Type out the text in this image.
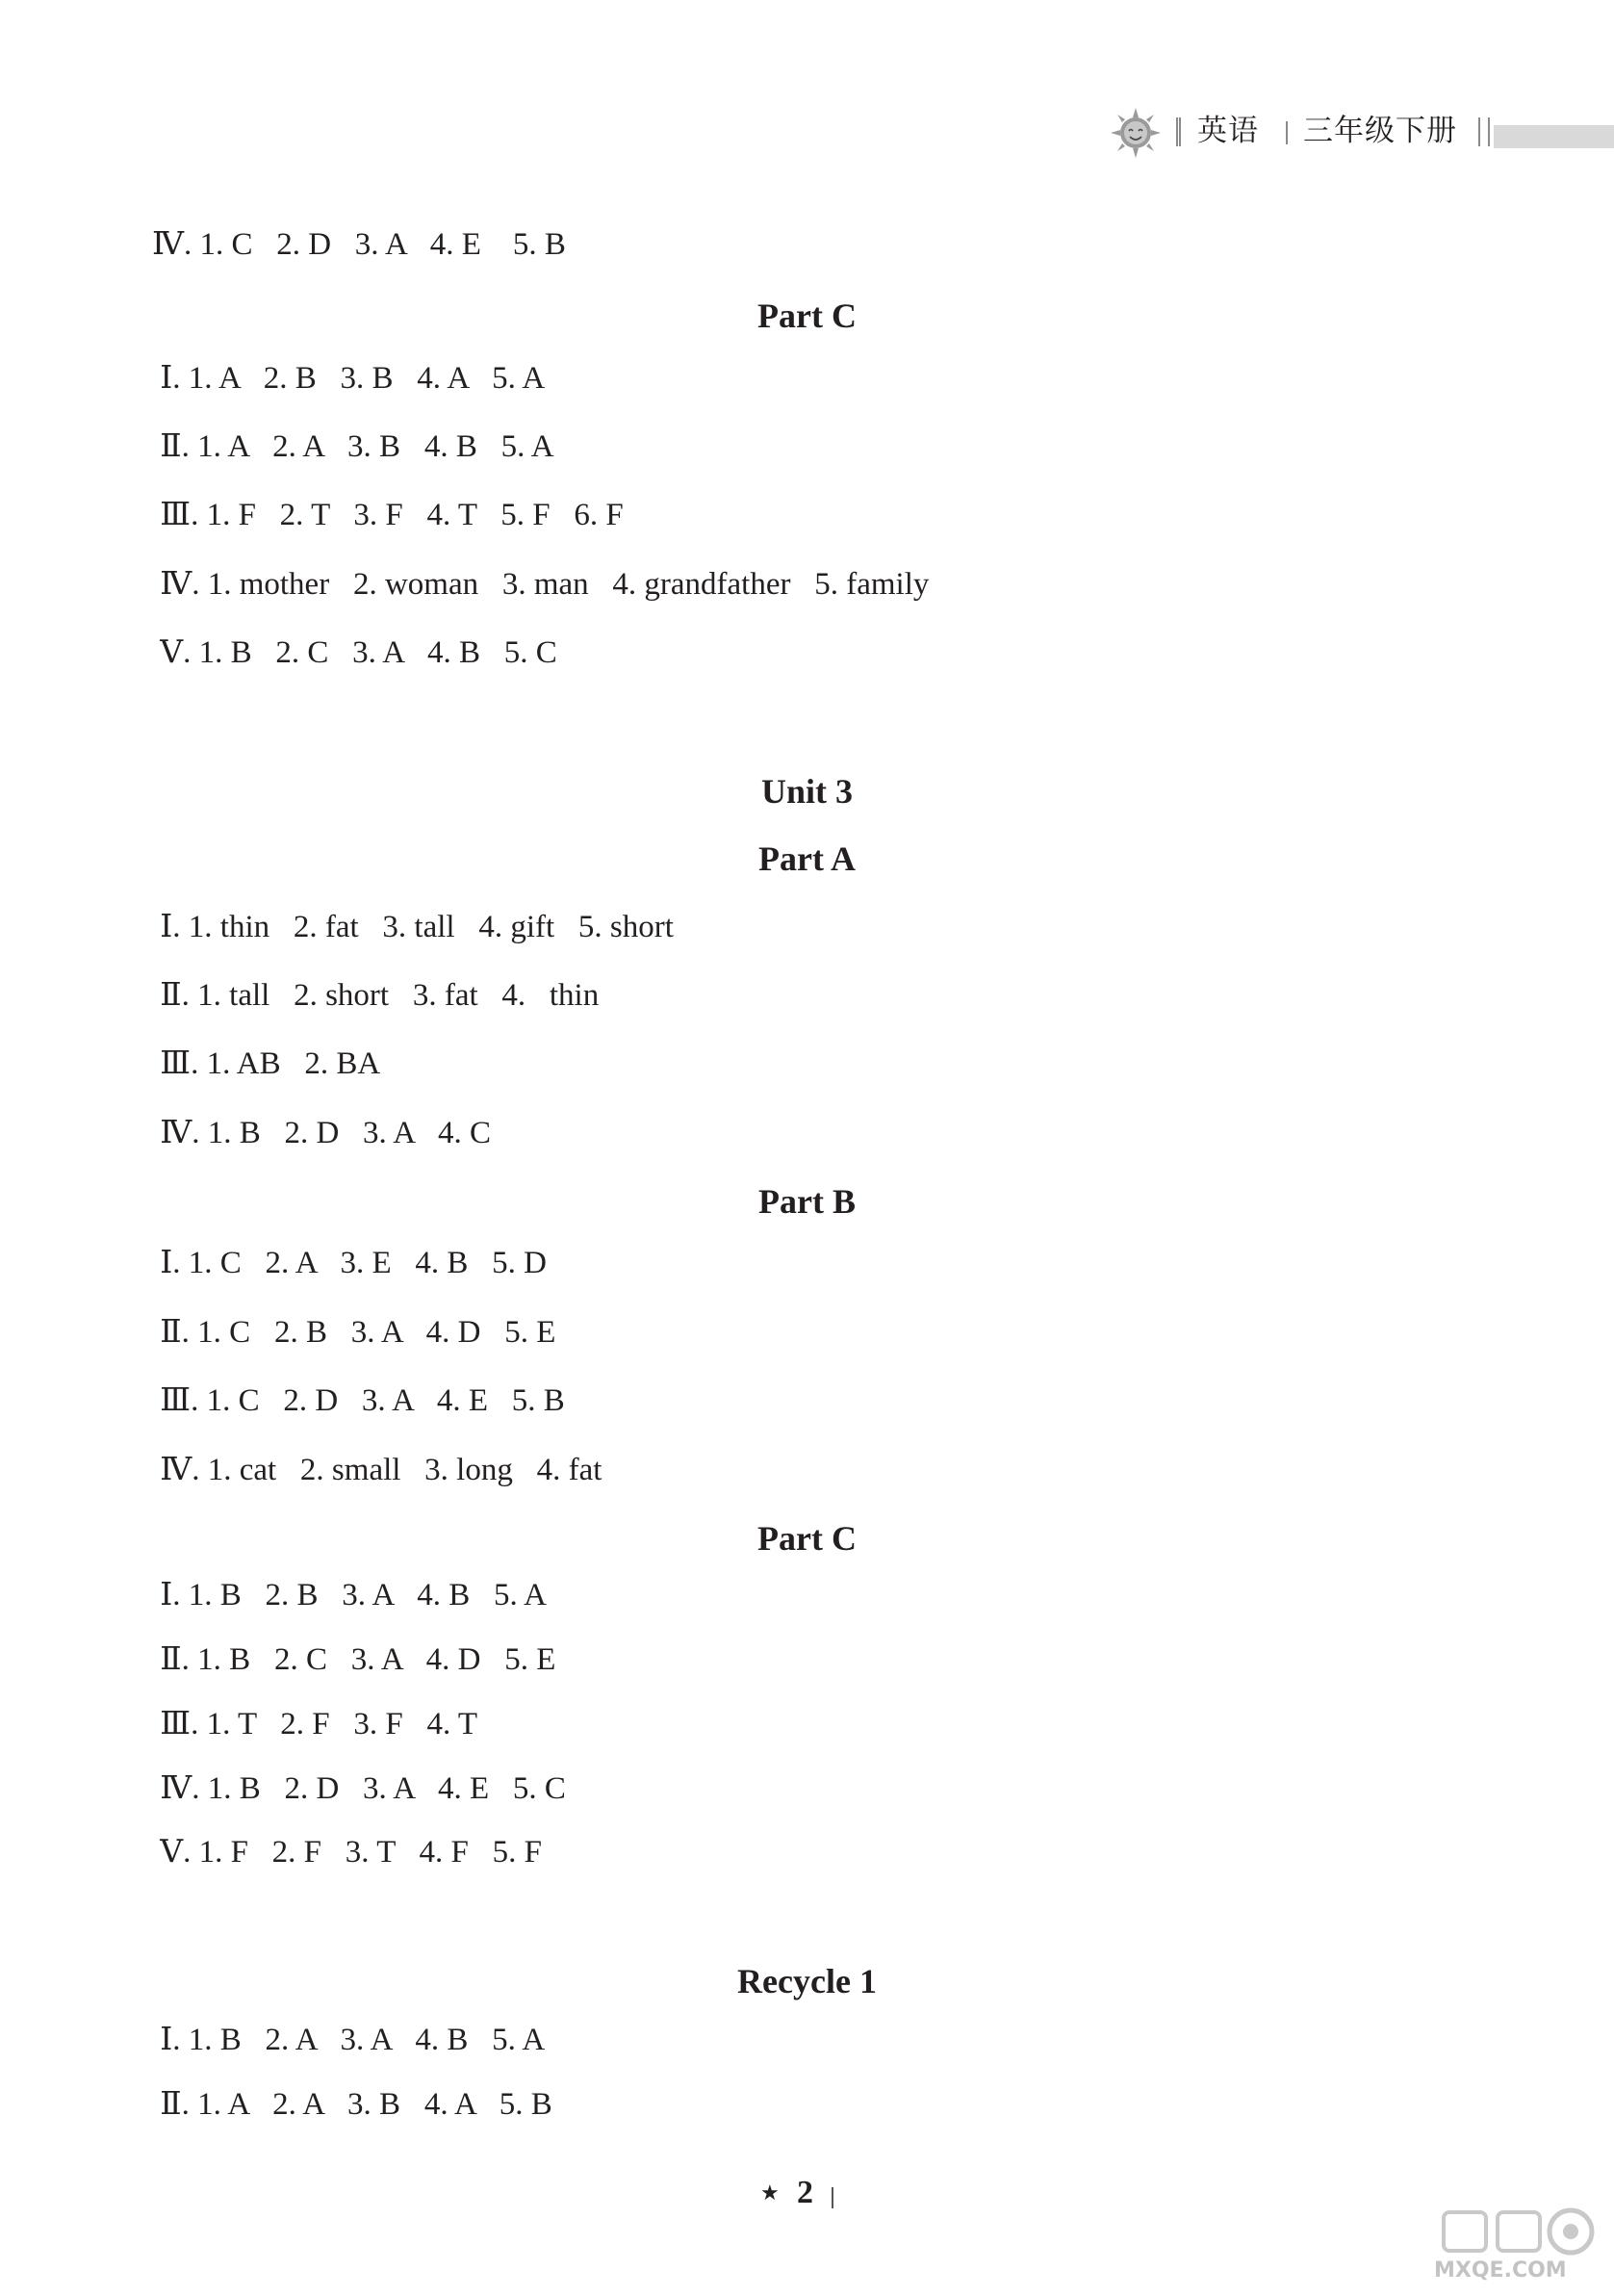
英语 三年级下册
Ⅳ. 1. C   2. D   3. A   4. E    5. B
Part C
Ⅰ. 1. A   2. B   3. B   4. A   5. A
Ⅱ. 1. A   2. A   3. B   4. B   5. A
Ⅲ. 1. F   2. T   3. F   4. T   5. F   6. F
Ⅳ. 1. mother   2. woman   3. man   4. grandfather   5. family
Ⅴ. 1. B   2. C   3. A   4. B   5. C
Unit 3
Part A
Ⅰ. 1. thin   2. fat   3. tall   4. gift   5. short
Ⅱ. 1. tall   2. short   3. fat   4.   thin
Ⅲ. 1. AB   2. BA
Ⅳ. 1. B   2. D   3. A   4. C
Part B
Ⅰ. 1. C   2. A   3. E   4. B   5. D
Ⅱ. 1. C   2. B   3. A   4. D   5. E
Ⅲ. 1. C   2. D   3. A   4. E   5. B
Ⅳ. 1. cat   2. small   3. long   4. fat
Part C
Ⅰ. 1. B   2. B   3. A   4. B   5. A
Ⅱ. 1. B   2. C   3. A   4. D   5. E
Ⅲ. 1. T   2. F   3. F   4. T
Ⅳ. 1. B   2. D   3. A   4. E   5. C
Ⅴ. 1. F   2. F   3. T   4. F   5. F
Recycle 1
Ⅰ. 1. B   2. A   3. A   4. B   5. A
Ⅱ. 1. A   2. A   3. B   4. A   5. B
★ 2
MXQE.COM
